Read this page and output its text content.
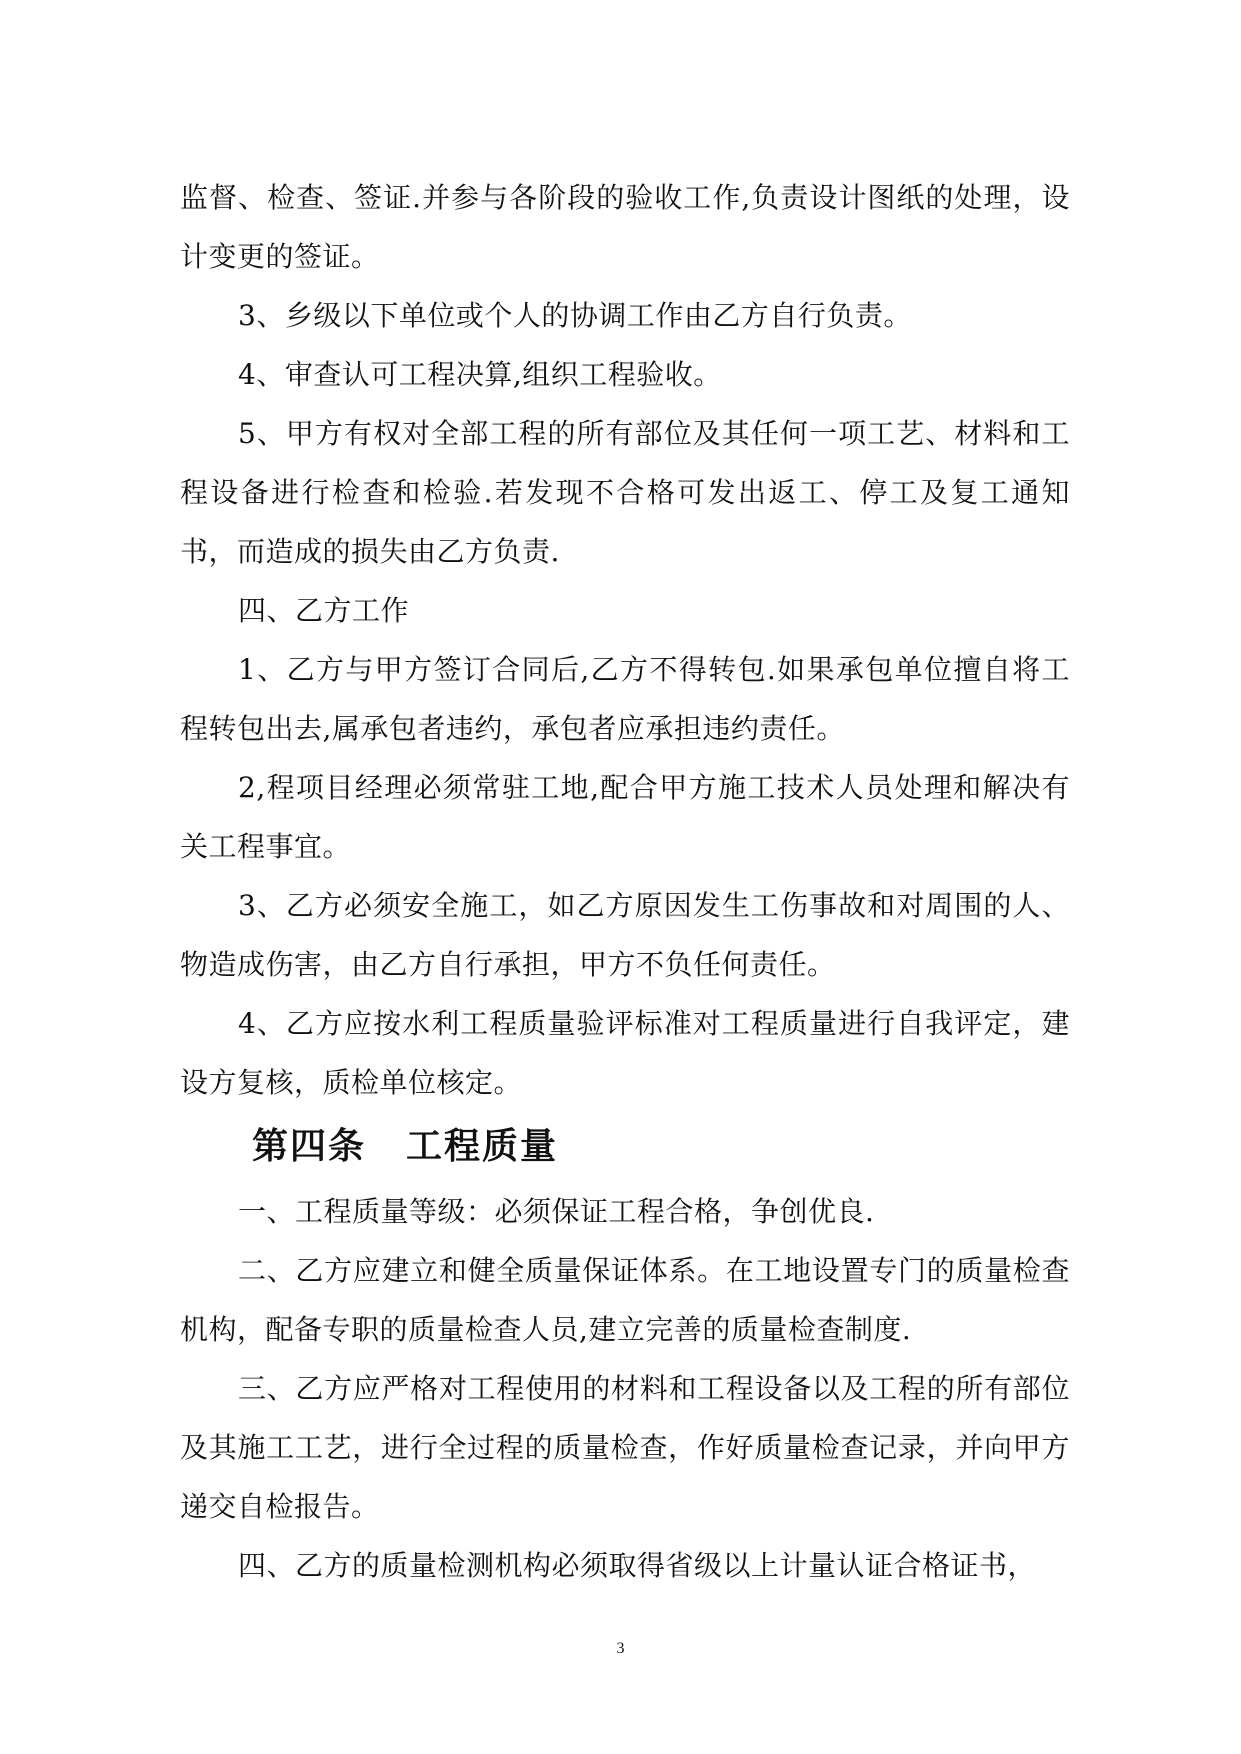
监督、检查、签证.并参与各阶段的验收工作,负责设计图纸的处理，设计变更的签证。

3、乡级以下单位或个人的协调工作由乙方自行负责。

4、审查认可工程决算,组织工程验收。

5、甲方有权对全部工程的所有部位及其任何一项工艺、材料和工程设备进行检查和检验.若发现不合格可发出返工、停工及复工通知书，而造成的损失由乙方负责.

四、乙方工作

1、乙方与甲方签订合同后,乙方不得转包.如果承包单位擅自将工程转包出去,属承包者违约，承包者应承担违约责任。

2,程项目经理必须常驻工地,配合甲方施工技术人员处理和解决有关工程事宜。

3、乙方必须安全施工，如乙方原因发生工伤事故和对周围的人、物造成伤害，由乙方自行承担，甲方不负任何责任。

4、乙方应按水利工程质量验评标准对工程质量进行自我评定，建设方复核，质检单位核定。

第四条 工程质量

一、工程质量等级：必须保证工程合格，争创优良.

二、乙方应建立和健全质量保证体系。在工地设置专门的质量检查机构，配备专职的质量检查人员,建立完善的质量检查制度.

三、乙方应严格对工程使用的材料和工程设备以及工程的所有部位及其施工工艺，进行全过程的质量检查，作好质量检查记录，并向甲方递交自检报告。

四、乙方的质量检测机构必须取得省级以上计量认证合格证书，

3
